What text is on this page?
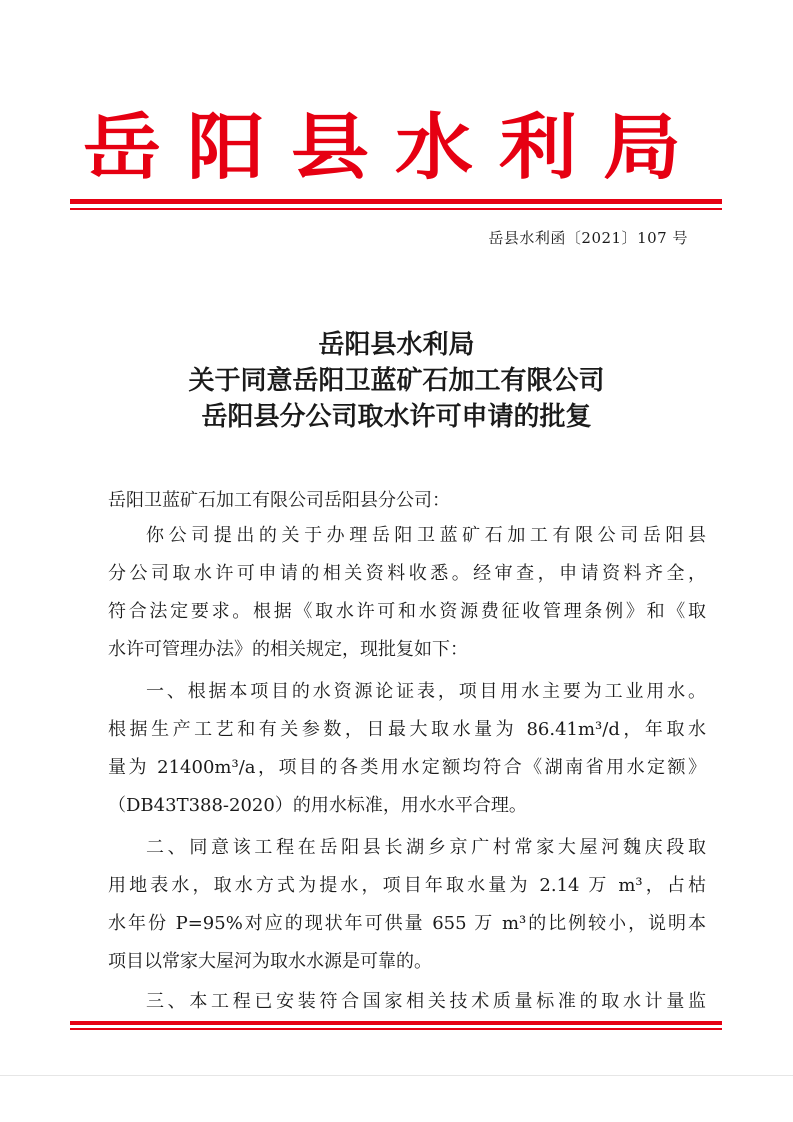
岳阳县水利局
岳县水利函〔2021〕107 号
岳阳县水利局
关于同意岳阳卫蓝矿石加工有限公司
岳阳县分公司取水许可申请的批复
岳阳卫蓝矿石加工有限公司岳阳县分公司：
你公司提出的关于办理岳阳卫蓝矿石加工有限公司岳阳县
分公司取水许可申请的相关资料收悉。经审查，申请资料齐全，
符合法定要求。根据《取水许可和水资源费征收管理条例》和《取
水许可管理办法》的相关规定，现批复如下：
一、根据本项目的水资源论证表，项目用水主要为工业用水。
根据生产工艺和有关参数，日最大取水量为 86.41m³/d，年取水
量为 21400m³/a，项目的各类用水定额均符合《湖南省用水定额》
（DB43T388-2020）的用水标准，用水水平合理。
二、同意该工程在岳阳县长湖乡京广村常家大屋河魏庆段取
用地表水，取水方式为提水，项目年取水量为 2.14 万 m³，占枯
水年份 P=95%对应的现状年可供量 655 万 m³的比例较小，说明本
项目以常家大屋河为取水水源是可靠的。
三、本工程已安装符合国家相关技术质量标准的取水计量监
